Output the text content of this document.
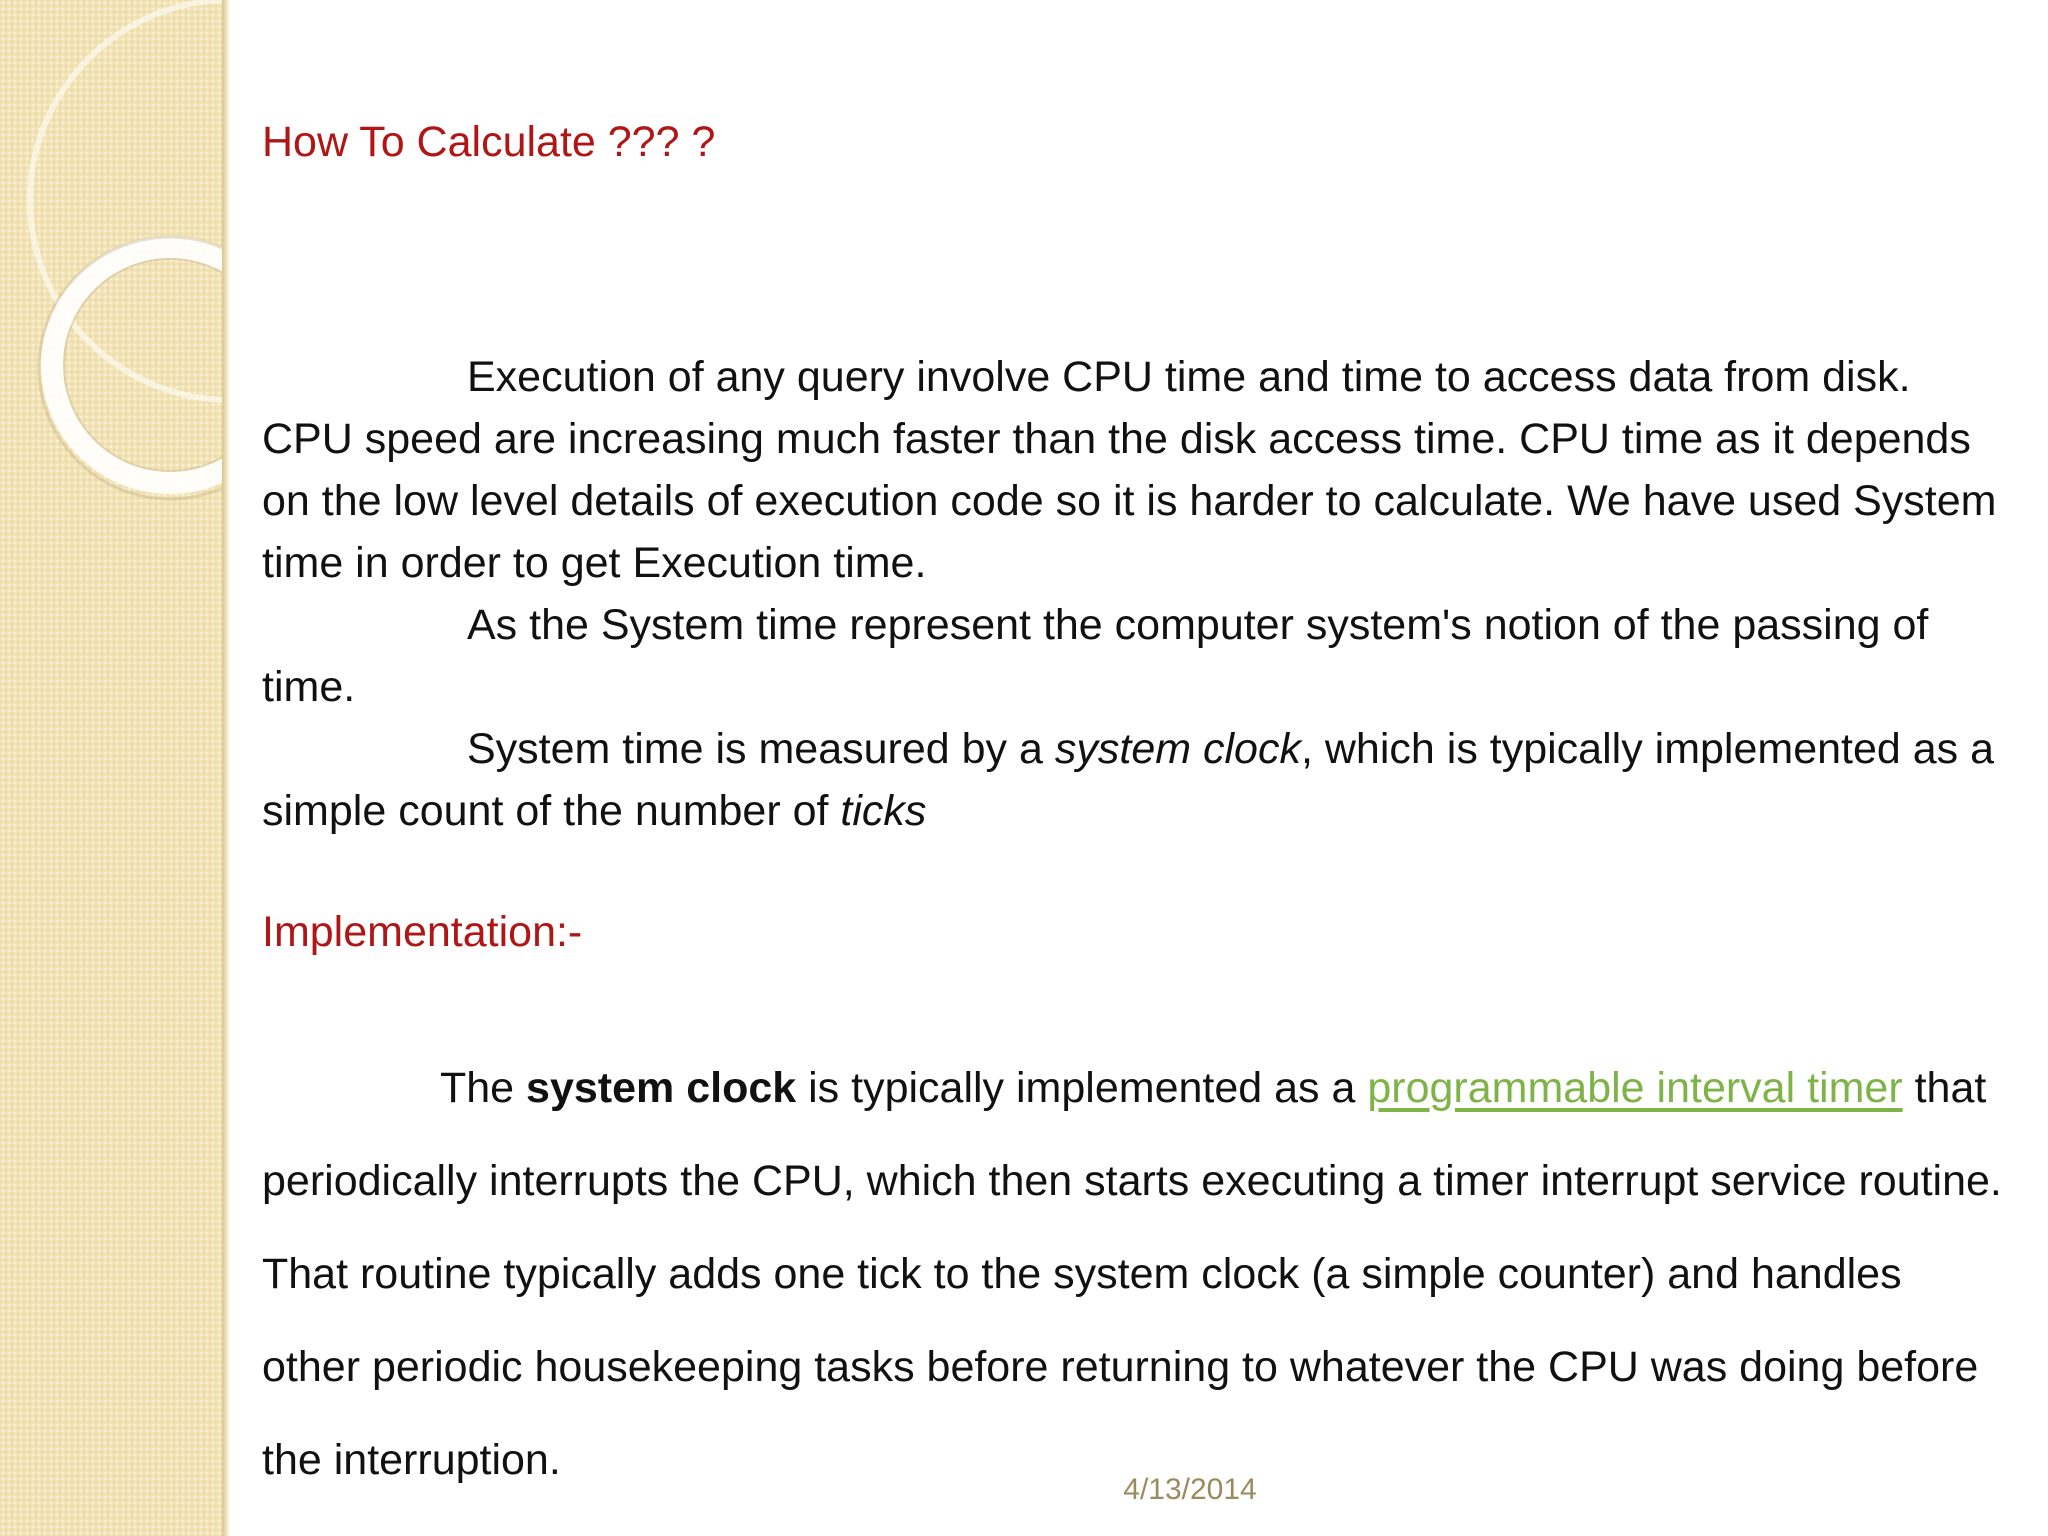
How To Calculate ??? ?

Execution of any query involve CPU time and time to access data from disk. CPU speed are increasing much faster than the disk access time. CPU time as it depends on the low level details of execution code so it is harder to calculate. We have used System time in order to get Execution time.

As the System time represent the computer system's notion of the passing of time.

System time is measured by a system clock, which is typically implemented as a simple count of the number of ticks

Implementation:-

The system clock is typically implemented as a programmable interval timer that periodically interrupts the CPU, which then starts executing a timer interrupt service routine. That routine typically adds one tick to the system clock (a simple counter) and handles other periodic housekeeping tasks before returning to whatever the CPU was doing before the interruption.

4/13/2014
